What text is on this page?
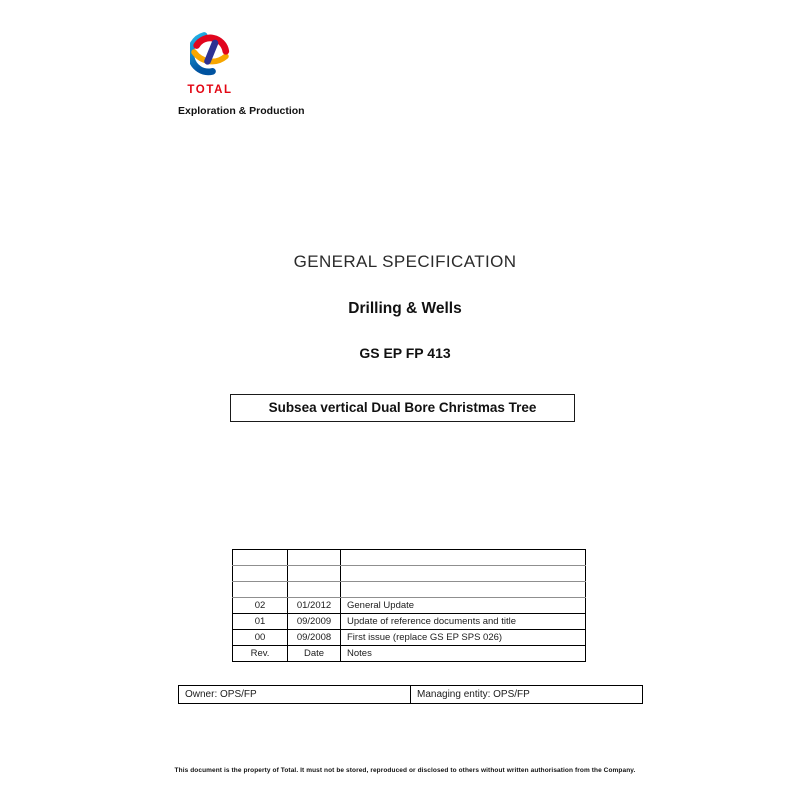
TOTAL
Exploration & Production
GENERAL SPECIFICATION
Drilling & Wells
GS EP FP 413
Subsea vertical Dual Bore Christmas Tree

02	01/2012	General Update
01	09/2009	Update of reference documents and title
00	09/2008	First issue (replace GS EP SPS 026)
Rev.	Date	Notes
Owner: OPS/FP	Managing entity: OPS/FP
This document is the property of Total. It must not be stored, reproduced or disclosed to others without written authorisation from the Company.
